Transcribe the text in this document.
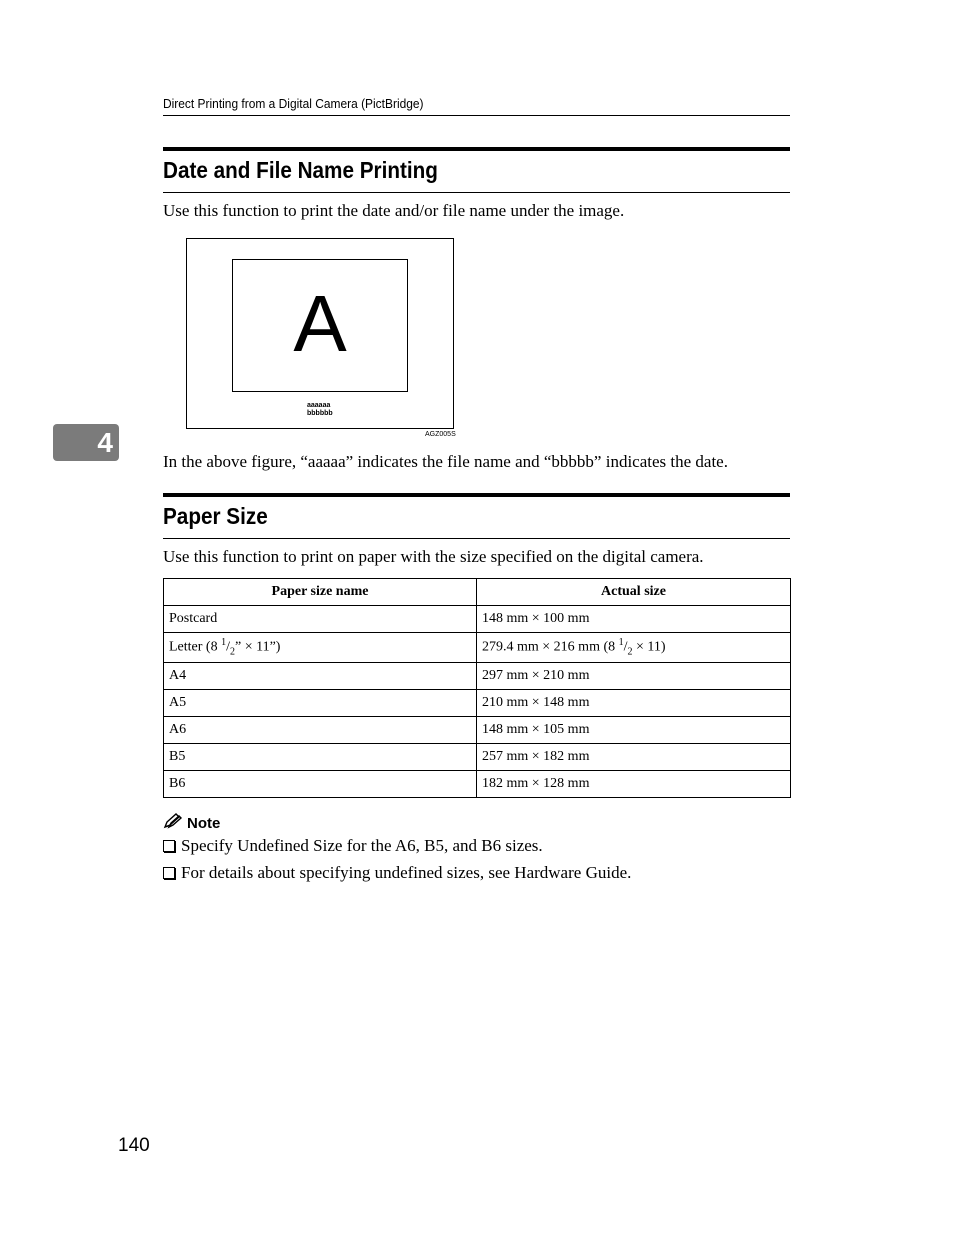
Direct Printing from a Digital Camera (PictBridge)
4
Date and File Name Printing

Use this function to print the date and/or file name under the image.

A
aaaaaa
bbbbbb
AGZ005S

In the above figure, “aaaaa” indicates the file name and “bbbbb” indicates the date.

Paper Size

Use this function to print on paper with the size specified on the digital camera.

Paper size name	Actual size
Postcard	148 mm × 100 mm
Letter (8 $^1/_2$” × 11”)	279.4 mm × 216 mm (8 $^1/_2 \times 11$)
A4	297 mm × 210 mm
A5	210 mm × 148 mm
A6	148 mm × 105 mm
B5	257 mm × 182 mm
B6	182 mm × 128 mm
Note
Specify Undefined Size for the A6, B5, and B6 sizes.
For details about specifying undefined sizes, see Hardware Guide.
140
